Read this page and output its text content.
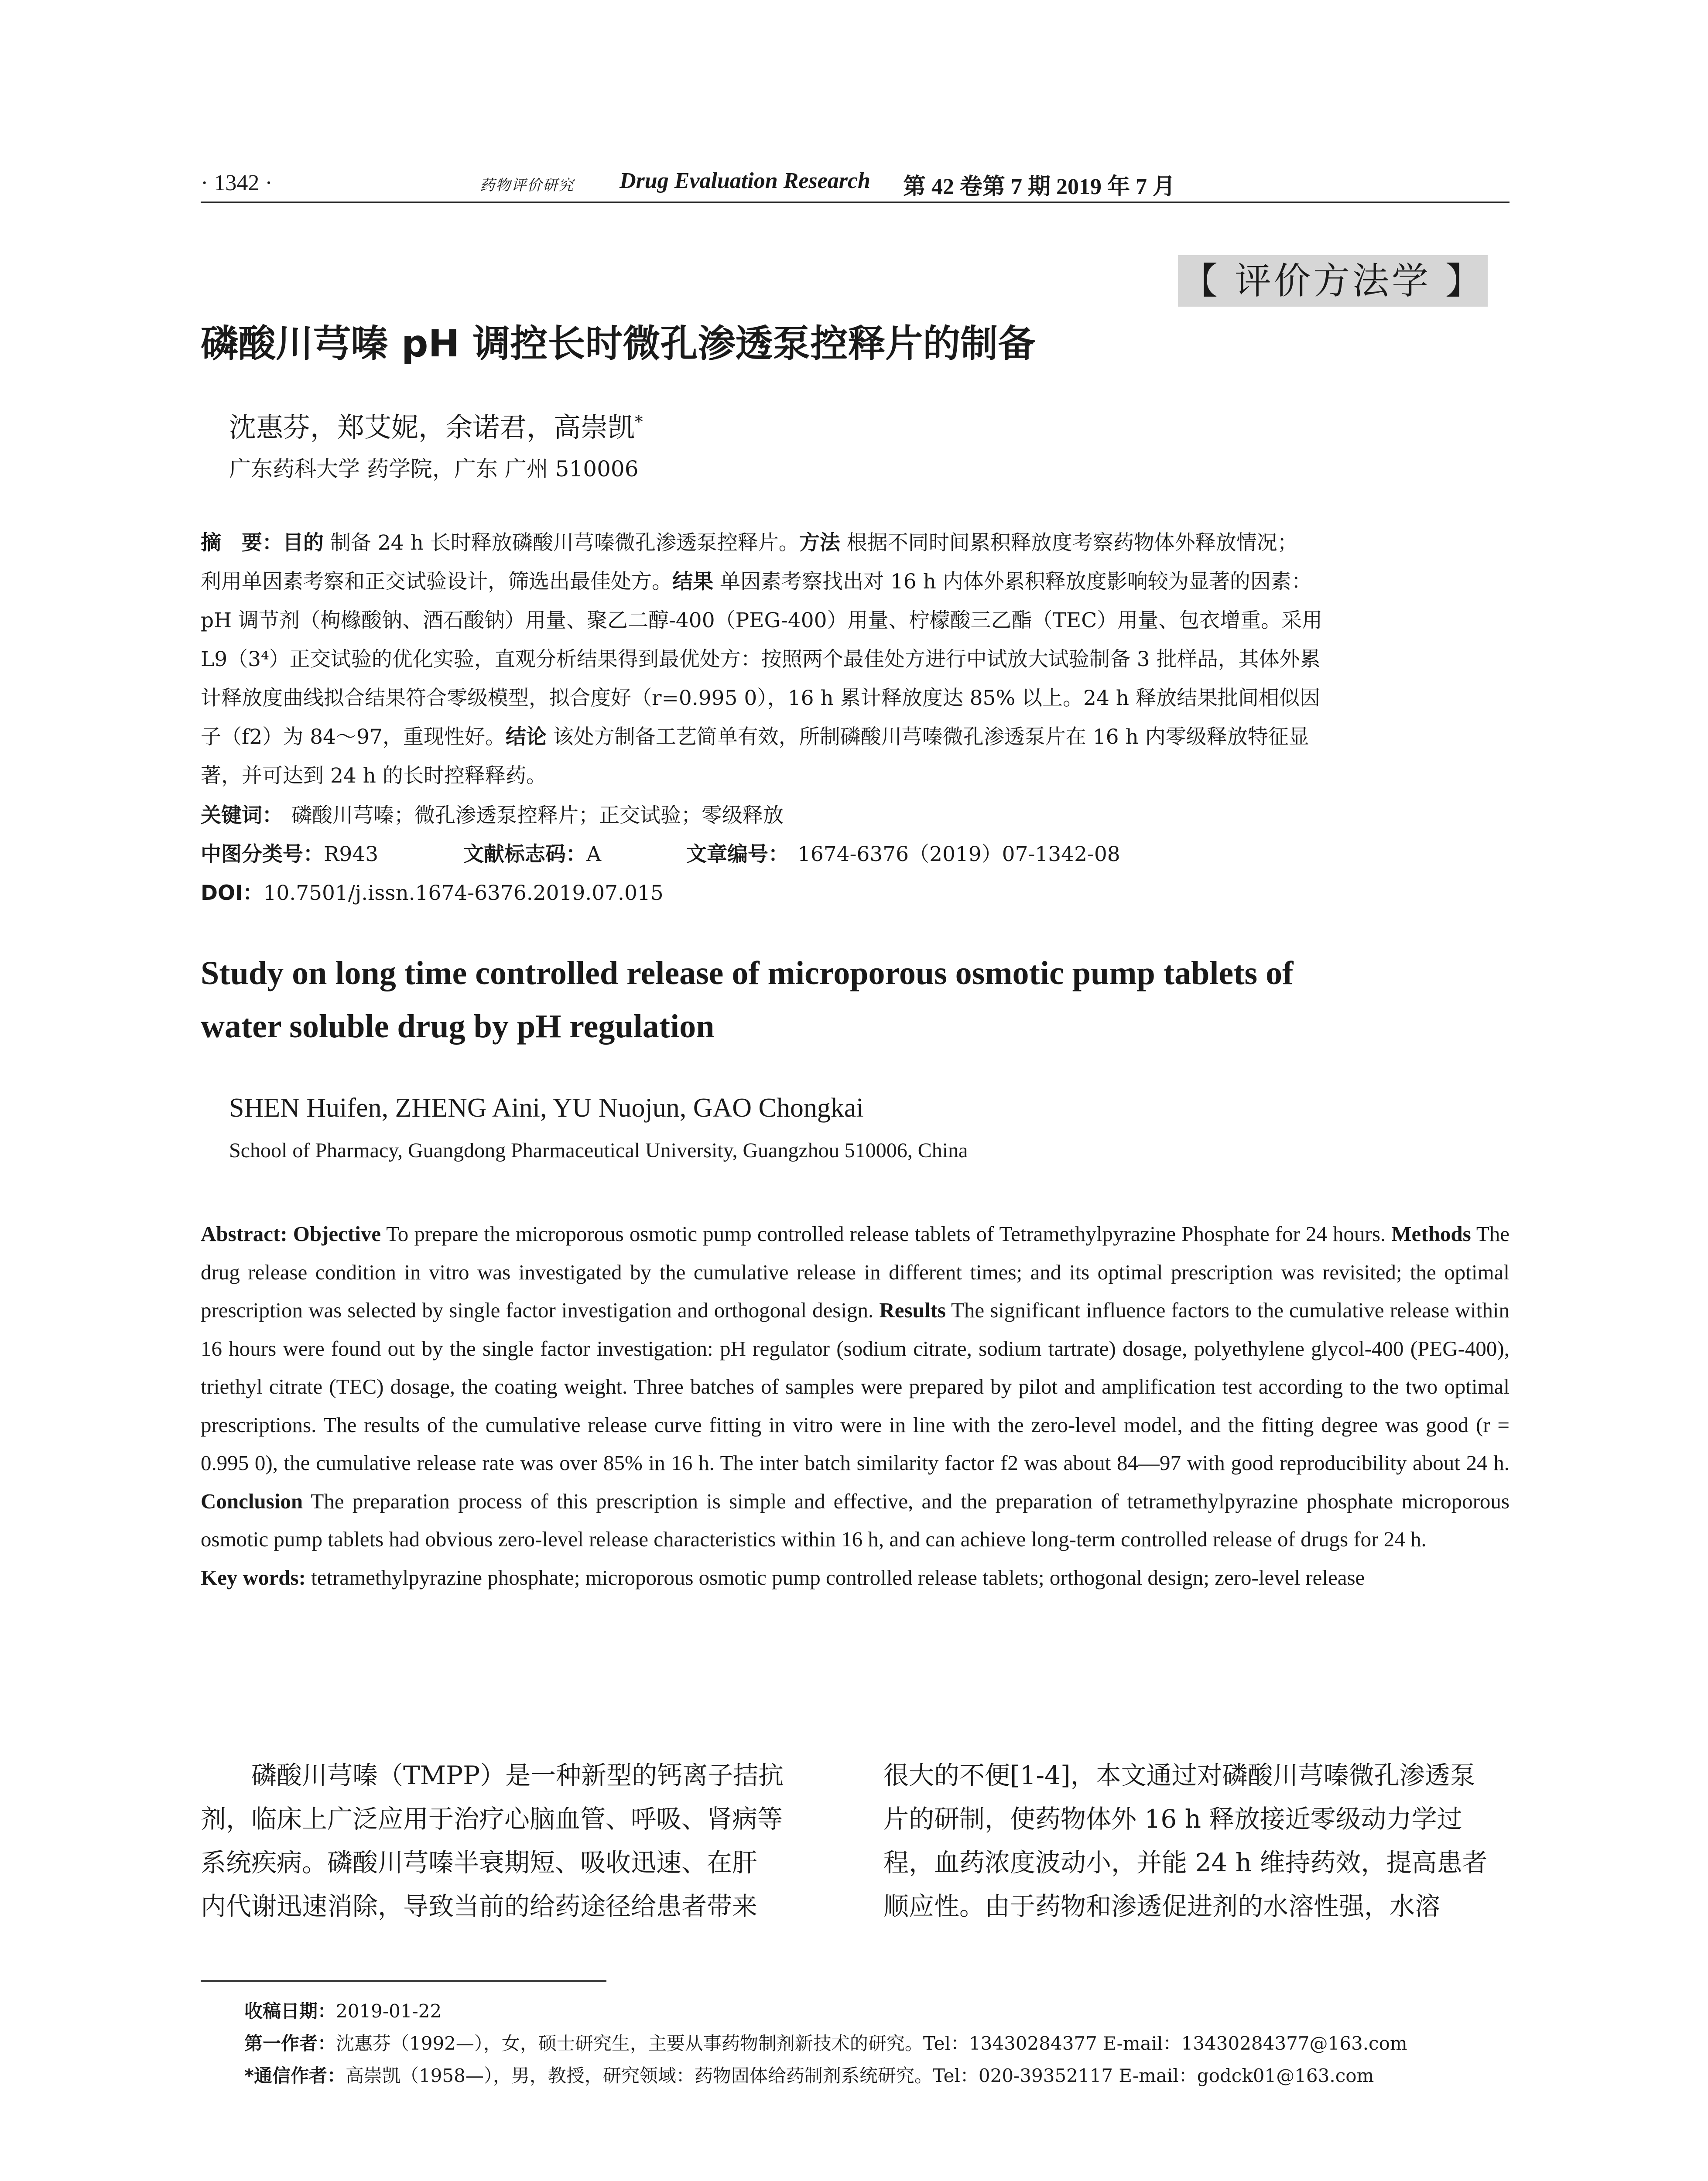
· 1342 ·	药物评价研究 Drug Evaluation Research 第 42 卷第 7 期 2019 年 7 月
【 评价方法学 】
磷酸川芎嗪 pH 调控长时微孔渗透泵控释片的制备
沈惠芬，郑艾妮，余诺君，高崇凯*
广东药科大学 药学院，广东 广州 510006
摘　要：目的 制备 24 h 长时释放磷酸川芎嗪微孔渗透泵控释片。方法 根据不同时间累积释放度考察药物体外释放情况；
利用单因素考察和正交试验设计，筛选出最佳处方。结果 单因素考察找出对 16 h 内体外累积释放度影响较为显著的因素：
pH 调节剂（枸橼酸钠、酒石酸钠）用量、聚乙二醇-400（PEG-400）用量、柠檬酸三乙酯（TEC）用量、包衣增重。采用
L9（3⁴）正交试验的优化实验，直观分析结果得到最优处方：按照两个最佳处方进行中试放大试验制备 3 批样品，其体外累
计释放度曲线拟合结果符合零级模型，拟合度好（r=0.995 0），16 h 累计释放度达 85% 以上。24 h 释放结果批间相似因
子（f2）为 84～97，重现性好。结论 该处方制备工艺简单有效，所制磷酸川芎嗪微孔渗透泵片在 16 h 内零级释放特征显
著，并可达到 24 h 的长时控释释药。
关键词： 磷酸川芎嗪；微孔渗透泵控释片；正交试验；零级释放
中图分类号：R943	文献标志码：A	文章编号： 1674-6376（2019）07-1342-08
DOI：10.7501/j.issn.1674-6376.2019.07.015
Study on long time controlled release of microporous osmotic pump tablets of
water soluble drug by pH regulation
SHEN Huifen, ZHENG Aini, YU Nuojun, GAO Chongkai
School of Pharmacy, Guangdong Pharmaceutical University, Guangzhou 510006, China
Abstract: Objective To prepare the microporous osmotic pump controlled release tablets of Tetramethylpyrazine Phosphate for 24 hours. Methods The drug release condition in vitro was investigated by the cumulative release in different times; and its optimal prescription was revisited; the optimal prescription was selected by single factor investigation and orthogonal design. Results The significant influence factors to the cumulative release within 16 hours were found out by the single factor investigation: pH regulator (sodium citrate, sodium tartrate) dosage, polyethylene glycol-400 (PEG-400), triethyl citrate (TEC) dosage, the coating weight. Three batches of samples were prepared by pilot and amplification test according to the two optimal prescriptions. The results of the cumulative release curve fitting in vitro were in line with the zero-level model, and the fitting degree was good (r = 0.995 0), the cumulative release rate was over 85% in 16 h. The inter batch similarity factor f2 was about 84—97 with good reproducibility about 24 h. Conclusion The preparation process of this prescription is simple and effective, and the preparation of tetramethylpyrazine phosphate microporous osmotic pump tablets had obvious zero-level release characteristics within 16 h, and can achieve long-term controlled release of drugs for 24 h.
Key words: tetramethylpyrazine phosphate; microporous osmotic pump controlled release tablets; orthogonal design; zero-level release
　　磷酸川芎嗪（TMPP）是一种新型的钙离子拮抗
剂，临床上广泛应用于治疗心脑血管、呼吸、肾病等
系统疾病。磷酸川芎嗪半衰期短、吸收迅速、在肝
内代谢迅速消除，导致当前的给药途径给患者带来
很大的不便[1-4]，本文通过对磷酸川芎嗪微孔渗透泵
片的研制，使药物体外 16 h 释放接近零级动力学过
程，血药浓度波动小，并能 24 h 维持药效，提高患者
顺应性。由于药物和渗透促进剂的水溶性强，水溶
收稿日期：2019-01-22
第一作者：沈惠芬（1992—），女，硕士研究生，主要从事药物制剂新技术的研究。Tel：13430284377 E-mail：13430284377@163.com
*通信作者：高崇凯（1958—），男，教授，研究领域：药物固体给药制剂系统研究。Tel：020-39352117 E-mail：godck01@163.com
